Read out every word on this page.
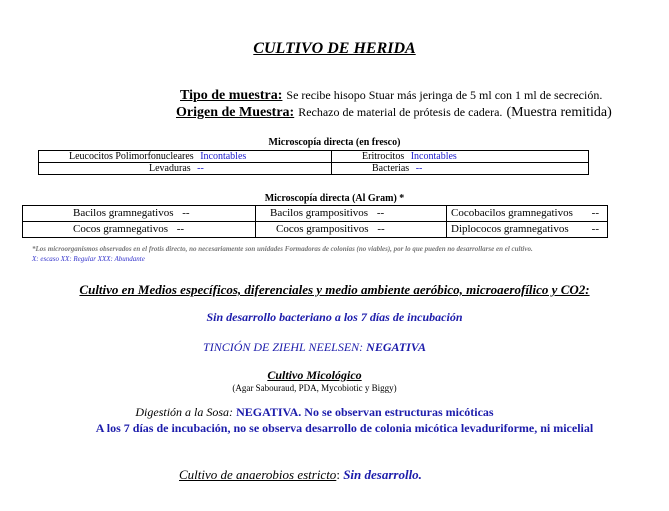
CULTIVO DE HERIDA
Tipo de muestra: Se recibe hisopo Stuar más jeringa de 5 ml con 1 ml de secreción.
Origen de Muestra: Rechazo de material de prótesis de cadera. (Muestra remitida)
Microscopía directa (en fresco)
Leucocitos Polimorfonucleares Incontables	Eritrocitos Incontables
Levaduras --	Bacterias --
Microscopía directa (Al Gram) *
Bacilos gramnegativos --	Bacilos grampositivos --	Cocobacilos gramnegativos --

Cocos gramnegativos --	Cocos grampositivos --	Diplococos gramnegativos --
*Los microorganismos observados en el frotis directo, no necesariamente son unidades Formadoras de colonias (no viables), por lo que pueden no desarrollarse en el cultivo.
X: escaso XX: Regular XXX: Abundante
Cultivo en Medios específicos, diferenciales y medio ambiente aeróbico, microaerofílico y CO2:
Sin desarrollo bacteriano a los 7 días de incubación
TINCIÓN DE ZIEHL NEELSEN: NEGATIVA
Cultivo Micológico
(Agar Sabouraud, PDA, Mycobiotic y Biggy)
Digestión a la Sosa: NEGATIVA. No se observan estructuras micóticas
A los 7 días de incubación, no se observa desarrollo de colonia micótica levaduriforme, ni micelial
Cultivo de anaerobios estricto: Sin desarrollo.
